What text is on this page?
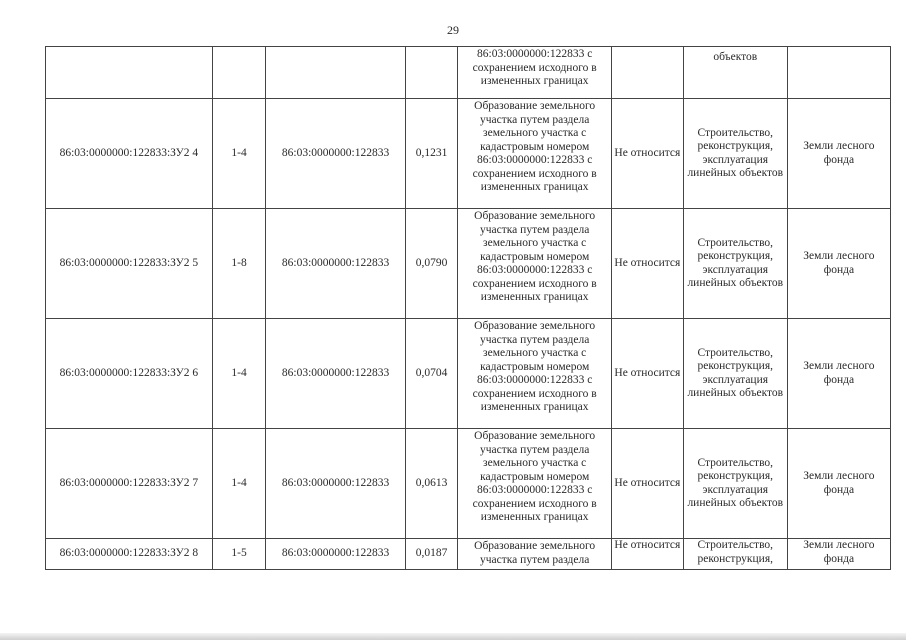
29
				86:03:0000000:122833 с сохранением исходного в измененных границах		объектов	
86:03:0000000:122833:ЗУ2 4	1-4	86:03:0000000:122833	0,1231	Образование земельного участка путем раздела земельного участка с кадастровым номером 86:03:0000000:122833 с сохранением исходного в измененных границах	Не относится	Строительство, реконструкция, эксплуатация линейных объектов	Земли лесного фонда
86:03:0000000:122833:ЗУ2 5	1-8	86:03:0000000:122833	0,0790	Образование земельного участка путем раздела земельного участка с кадастровым номером 86:03:0000000:122833 с сохранением исходного в измененных границах	Не относится	Строительство, реконструкция, эксплуатация линейных объектов	Земли лесного фонда
86:03:0000000:122833:ЗУ2 6	1-4	86:03:0000000:122833	0,0704	Образование земельного участка путем раздела земельного участка с кадастровым номером 86:03:0000000:122833 с сохранением исходного в измененных границах	Не относится	Строительство, реконструкция, эксплуатация линейных объектов	Земли лесного фонда
86:03:0000000:122833:ЗУ2 7	1-4	86:03:0000000:122833	0,0613	Образование земельного участка путем раздела земельного участка с кадастровым номером 86:03:0000000:122833 с сохранением исходного в измененных границах	Не относится	Строительство, реконструкция, эксплуатация линейных объектов	Земли лесного фонда
86:03:0000000:122833:ЗУ2 8	1-5	86:03:0000000:122833	0,0187	Образование земельного участка путем раздела	Не относится	Строительство, реконструкция,	Земли лесного фонда
